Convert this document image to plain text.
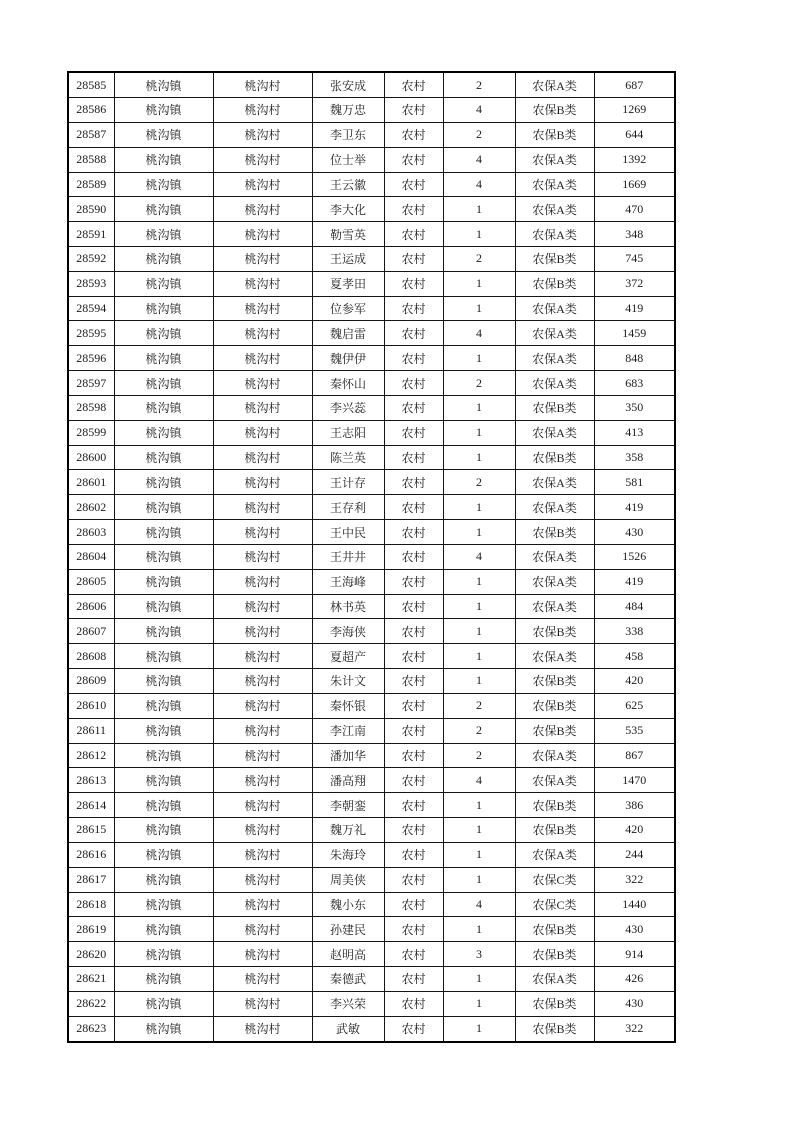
28585	桃沟镇	桃沟村	张安成	农村	2	农保A类	687
28586	桃沟镇	桃沟村	魏万忠	农村	4	农保B类	1269
28587	桃沟镇	桃沟村	李卫东	农村	2	农保B类	644
28588	桃沟镇	桃沟村	位士举	农村	4	农保A类	1392
28589	桃沟镇	桃沟村	王云徽	农村	4	农保A类	1669
28590	桃沟镇	桃沟村	李大化	农村	1	农保A类	470
28591	桃沟镇	桃沟村	勒雪英	农村	1	农保A类	348
28592	桃沟镇	桃沟村	王运成	农村	2	农保B类	745
28593	桃沟镇	桃沟村	夏孝田	农村	1	农保B类	372
28594	桃沟镇	桃沟村	位参军	农村	1	农保A类	419
28595	桃沟镇	桃沟村	魏启雷	农村	4	农保A类	1459
28596	桃沟镇	桃沟村	魏伊伊	农村	1	农保A类	848
28597	桃沟镇	桃沟村	秦怀山	农村	2	农保A类	683
28598	桃沟镇	桃沟村	李兴蕊	农村	1	农保B类	350
28599	桃沟镇	桃沟村	王志阳	农村	1	农保A类	413
28600	桃沟镇	桃沟村	陈兰英	农村	1	农保B类	358
28601	桃沟镇	桃沟村	王计存	农村	2	农保A类	581
28602	桃沟镇	桃沟村	王存利	农村	1	农保A类	419
28603	桃沟镇	桃沟村	王中民	农村	1	农保B类	430
28604	桃沟镇	桃沟村	王井井	农村	4	农保A类	1526
28605	桃沟镇	桃沟村	王海峰	农村	1	农保A类	419
28606	桃沟镇	桃沟村	林书英	农村	1	农保A类	484
28607	桃沟镇	桃沟村	李海侠	农村	1	农保B类	338
28608	桃沟镇	桃沟村	夏超产	农村	1	农保A类	458
28609	桃沟镇	桃沟村	朱计文	农村	1	农保B类	420
28610	桃沟镇	桃沟村	秦怀银	农村	2	农保B类	625
28611	桃沟镇	桃沟村	李江南	农村	2	农保B类	535
28612	桃沟镇	桃沟村	潘加华	农村	2	农保A类	867
28613	桃沟镇	桃沟村	潘高翔	农村	4	农保A类	1470
28614	桃沟镇	桃沟村	李朝銮	农村	1	农保B类	386
28615	桃沟镇	桃沟村	魏万礼	农村	1	农保B类	420
28616	桃沟镇	桃沟村	朱海玲	农村	1	农保A类	244
28617	桃沟镇	桃沟村	周美侠	农村	1	农保C类	322
28618	桃沟镇	桃沟村	魏小东	农村	4	农保C类	1440
28619	桃沟镇	桃沟村	孙建民	农村	1	农保B类	430
28620	桃沟镇	桃沟村	赵明高	农村	3	农保B类	914
28621	桃沟镇	桃沟村	秦德武	农村	1	农保A类	426
28622	桃沟镇	桃沟村	李兴荣	农村	1	农保B类	430
28623	桃沟镇	桃沟村	武敏	农村	1	农保B类	322
